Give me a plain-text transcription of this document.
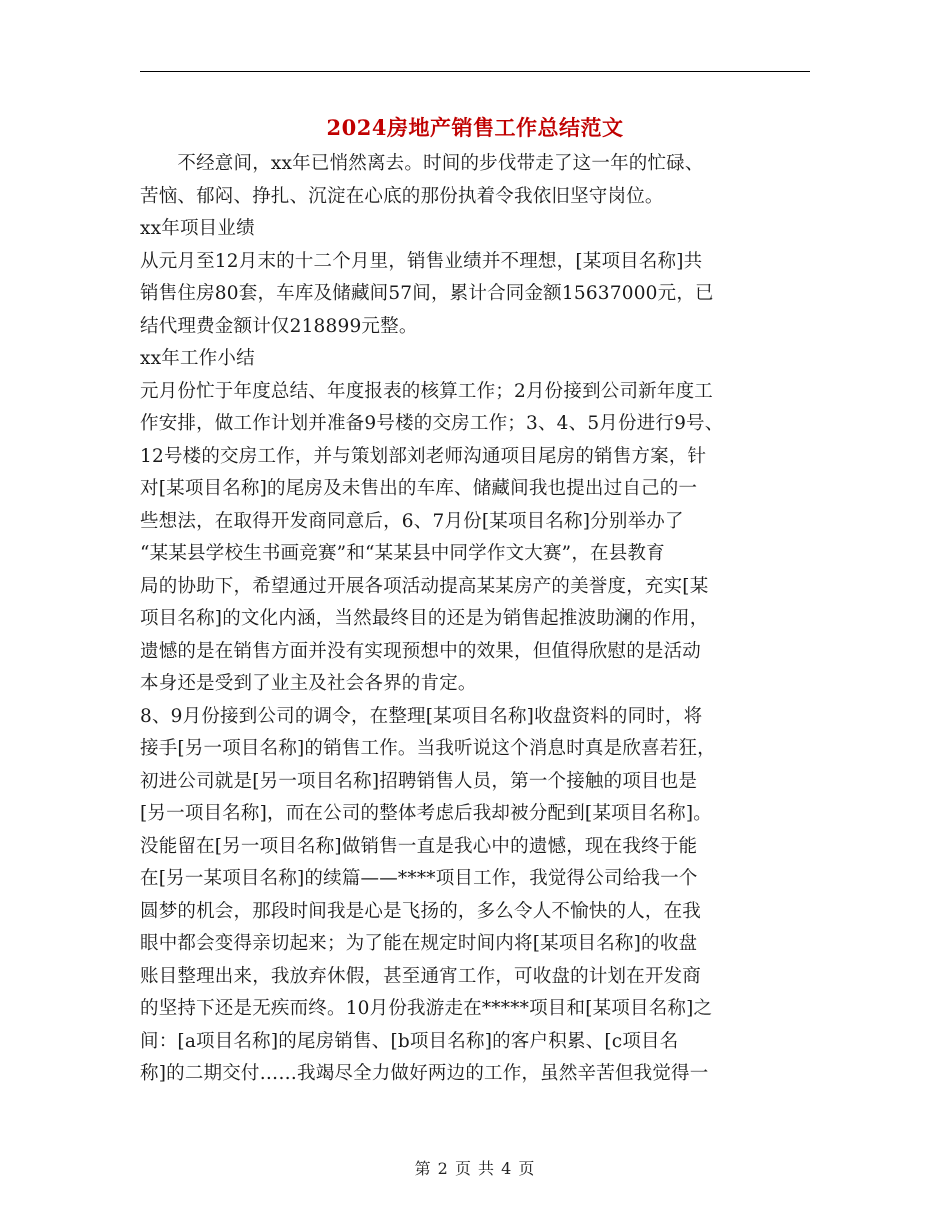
2024房地产销售工作总结范文
　　不经意间，xx年已悄然离去。时间的步伐带走了这一年的忙碌、
苦恼、郁闷、挣扎、沉淀在心底的那份执着令我依旧坚守岗位。
xx年项目业绩
从元月至12月末的十二个月里，销售业绩并不理想，[某项目名称]共
销售住房80套，车库及储藏间57间，累计合同金额15637000元，已
结代理费金额计仅218899元整。
xx年工作小结
元月份忙于年度总结、年度报表的核算工作；2月份接到公司新年度工
作安排，做工作计划并准备9号楼的交房工作；3、4、5月份进行9号、
12号楼的交房工作，并与策划部刘老师沟通项目尾房的销售方案，针
对[某项目名称]的尾房及未售出的车库、储藏间我也提出过自己的一
些想法，在取得开发商同意后，6、7月份[某项目名称]分别举办了
“某某县学校生书画竞赛”和“某某县中同学作文大赛”，在县教育
局的协助下，希望通过开展各项活动提高某某房产的美誉度，充实[某
项目名称]的文化内涵，当然最终目的还是为销售起推波助澜的作用，
遗憾的是在销售方面并没有实现预想中的效果，但值得欣慰的是活动
本身还是受到了业主及社会各界的肯定。
8、9月份接到公司的调令，在整理[某项目名称]收盘资料的同时，将
接手[另一项目名称]的销售工作。当我听说这个消息时真是欣喜若狂，
初进公司就是[另一项目名称]招聘销售人员，第一个接触的项目也是
[另一项目名称]，而在公司的整体考虑后我却被分配到[某项目名称]。
没能留在[另一项目名称]做销售一直是我心中的遗憾，现在我终于能
在[另一某项目名称]的续篇——****项目工作，我觉得公司给我一个
圆梦的机会，那段时间我是心是飞扬的，多么令人不愉快的人，在我
眼中都会变得亲切起来；为了能在规定时间内将[某项目名称]的收盘
账目整理出来，我放弃休假，甚至通宵工作，可收盘的计划在开发商
的坚持下还是无疾而终。10月份我游走在*****项目和[某项目名称]之
间：[a项目名称]的尾房销售、[b项目名称]的客户积累、[c项目名
称]的二期交付……我竭尽全力做好两边的工作，虽然辛苦但我觉得一
第 2 页 共 4 页
